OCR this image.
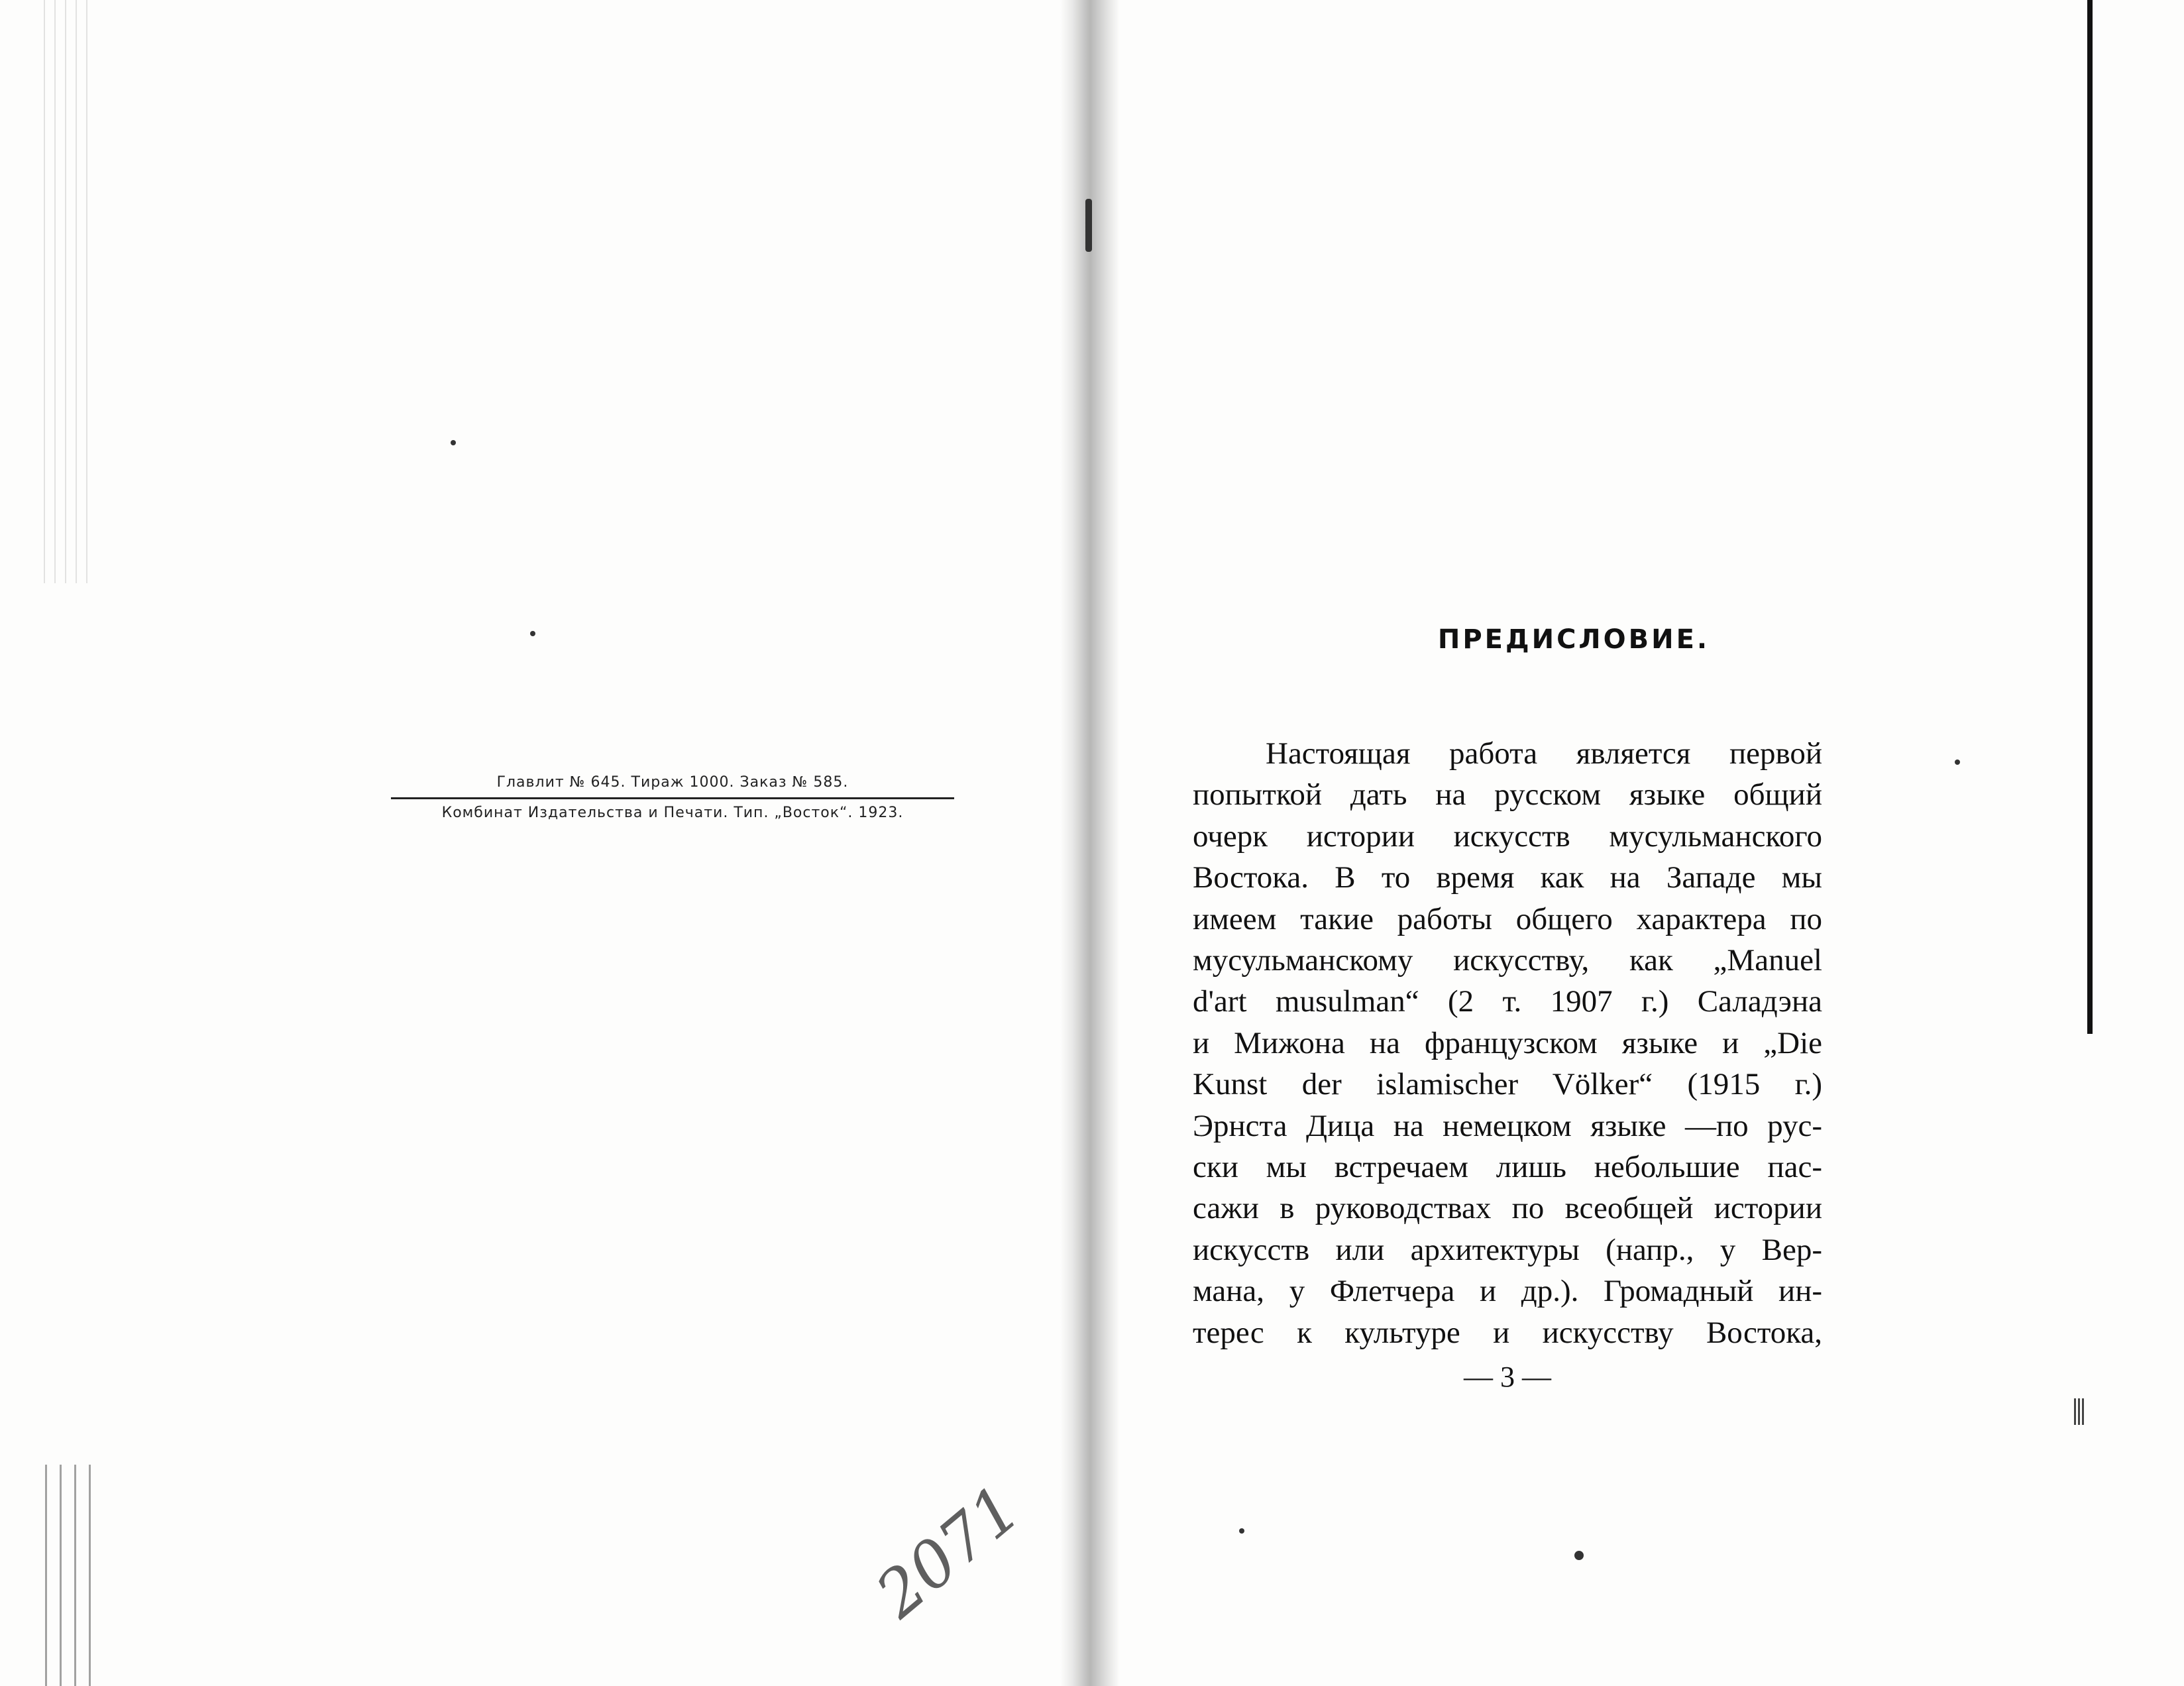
Главлит № 645. Тираж 1000. Заказ № 585.
Комбинат Издательства и Печати. Тип. „Восток“. 1923.
ПРЕДИСЛОВИЕ.
Настоящая работа является первой
попыткой дать на русском языке общий
очерк истории искусств мусульманского
Востока. В то время как на Западе мы
имеем такие работы общего характера по
мусульманскому искусству, как „Manuel
d'art musulman“ (2 т. 1907 г.) Саладэна
и Мижона на французском языке и „Die
Kunst der islamischer Völker“ (1915 г.)
Эрнста Дица на немецком языке —по рус-
ски мы встречаем лишь небольшие пас-
сажи в руководствах по всеобщей истории
искусств или архитектуры (напр., у Вер-
мана, у Флетчера и др.). Громадный ин-
терес к культуре и искусству Востока,
— 3 —
2071
